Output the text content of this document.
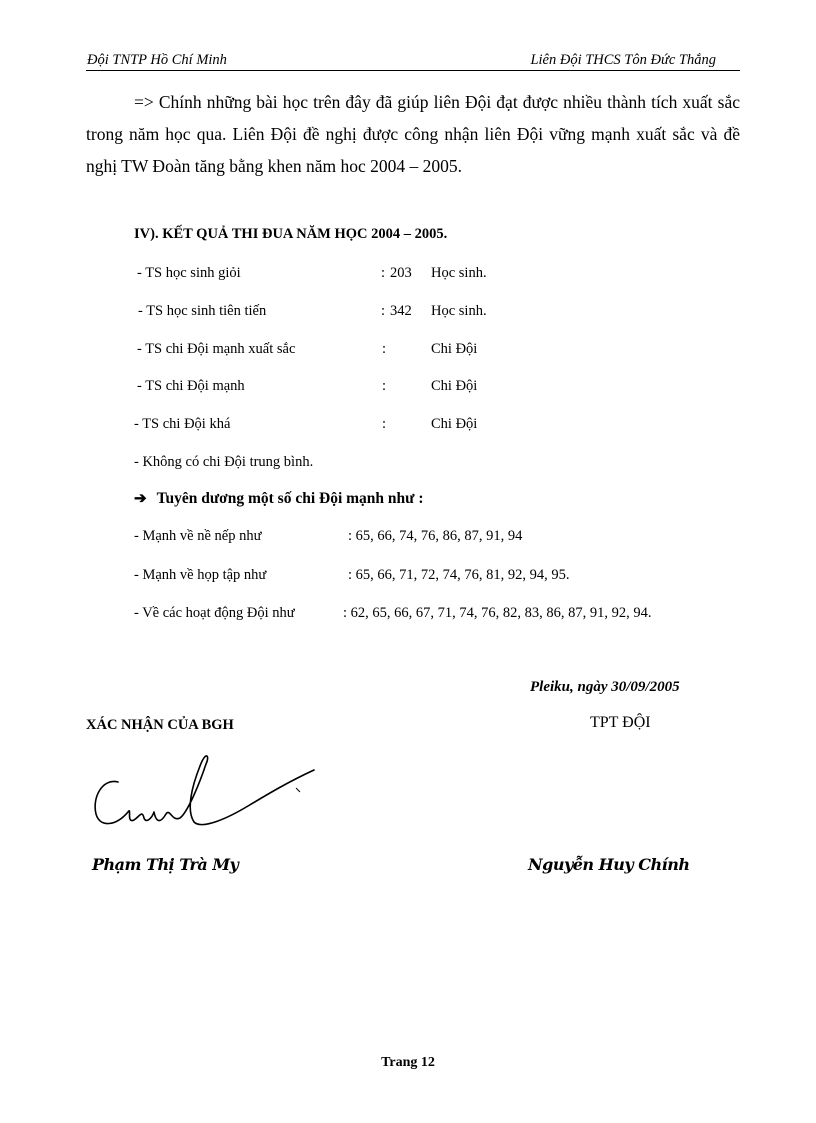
Đội TNTP Hồ Chí Minh	Liên Đội THCS Tôn Đức Thắng

=> Chính những bài học trên đây đã giúp liên Đội đạt được nhiều thành tích xuất sắc trong năm học qua. Liên Đội đề nghị được công nhận liên Đội vững mạnh xuất sắc và đề nghị TW Đoàn tăng bằng khen năm hoc 2004 – 2005.

IV). KẾT QUẢ THI ĐUA NĂM HỌC 2004 – 2005.
- TS học sinh giỏi	: 203 Học sinh.
- TS học sinh tiên tiến	: 342 Học sinh.
- TS chi Đội mạnh xuất sắc	:	Chi Đội
- TS chi Đội mạnh	:	Chi Đội
- TS chi Đội khá	:	Chi Đội
- Không có chi Đội trung bình.
➔ Tuyên dương một số chi Đội mạnh như :
- Mạnh về nề nếp như	: 65, 66, 74, 76, 86, 87, 91, 94
- Mạnh về họp tập như	: 65, 66, 71, 72, 74, 76, 81, 92, 94, 95.
- Về các hoạt động Đội như	: 62, 65, 66, 67, 71, 74, 76, 82, 83, 86, 87, 91, 92, 94.
Pleiku, ngày 30/09/2005
XÁC NHẬN CỦA BGH	TPT ĐỘI
Phạm Thị Trà My	Nguyễn Huy Chính
Trang 12
